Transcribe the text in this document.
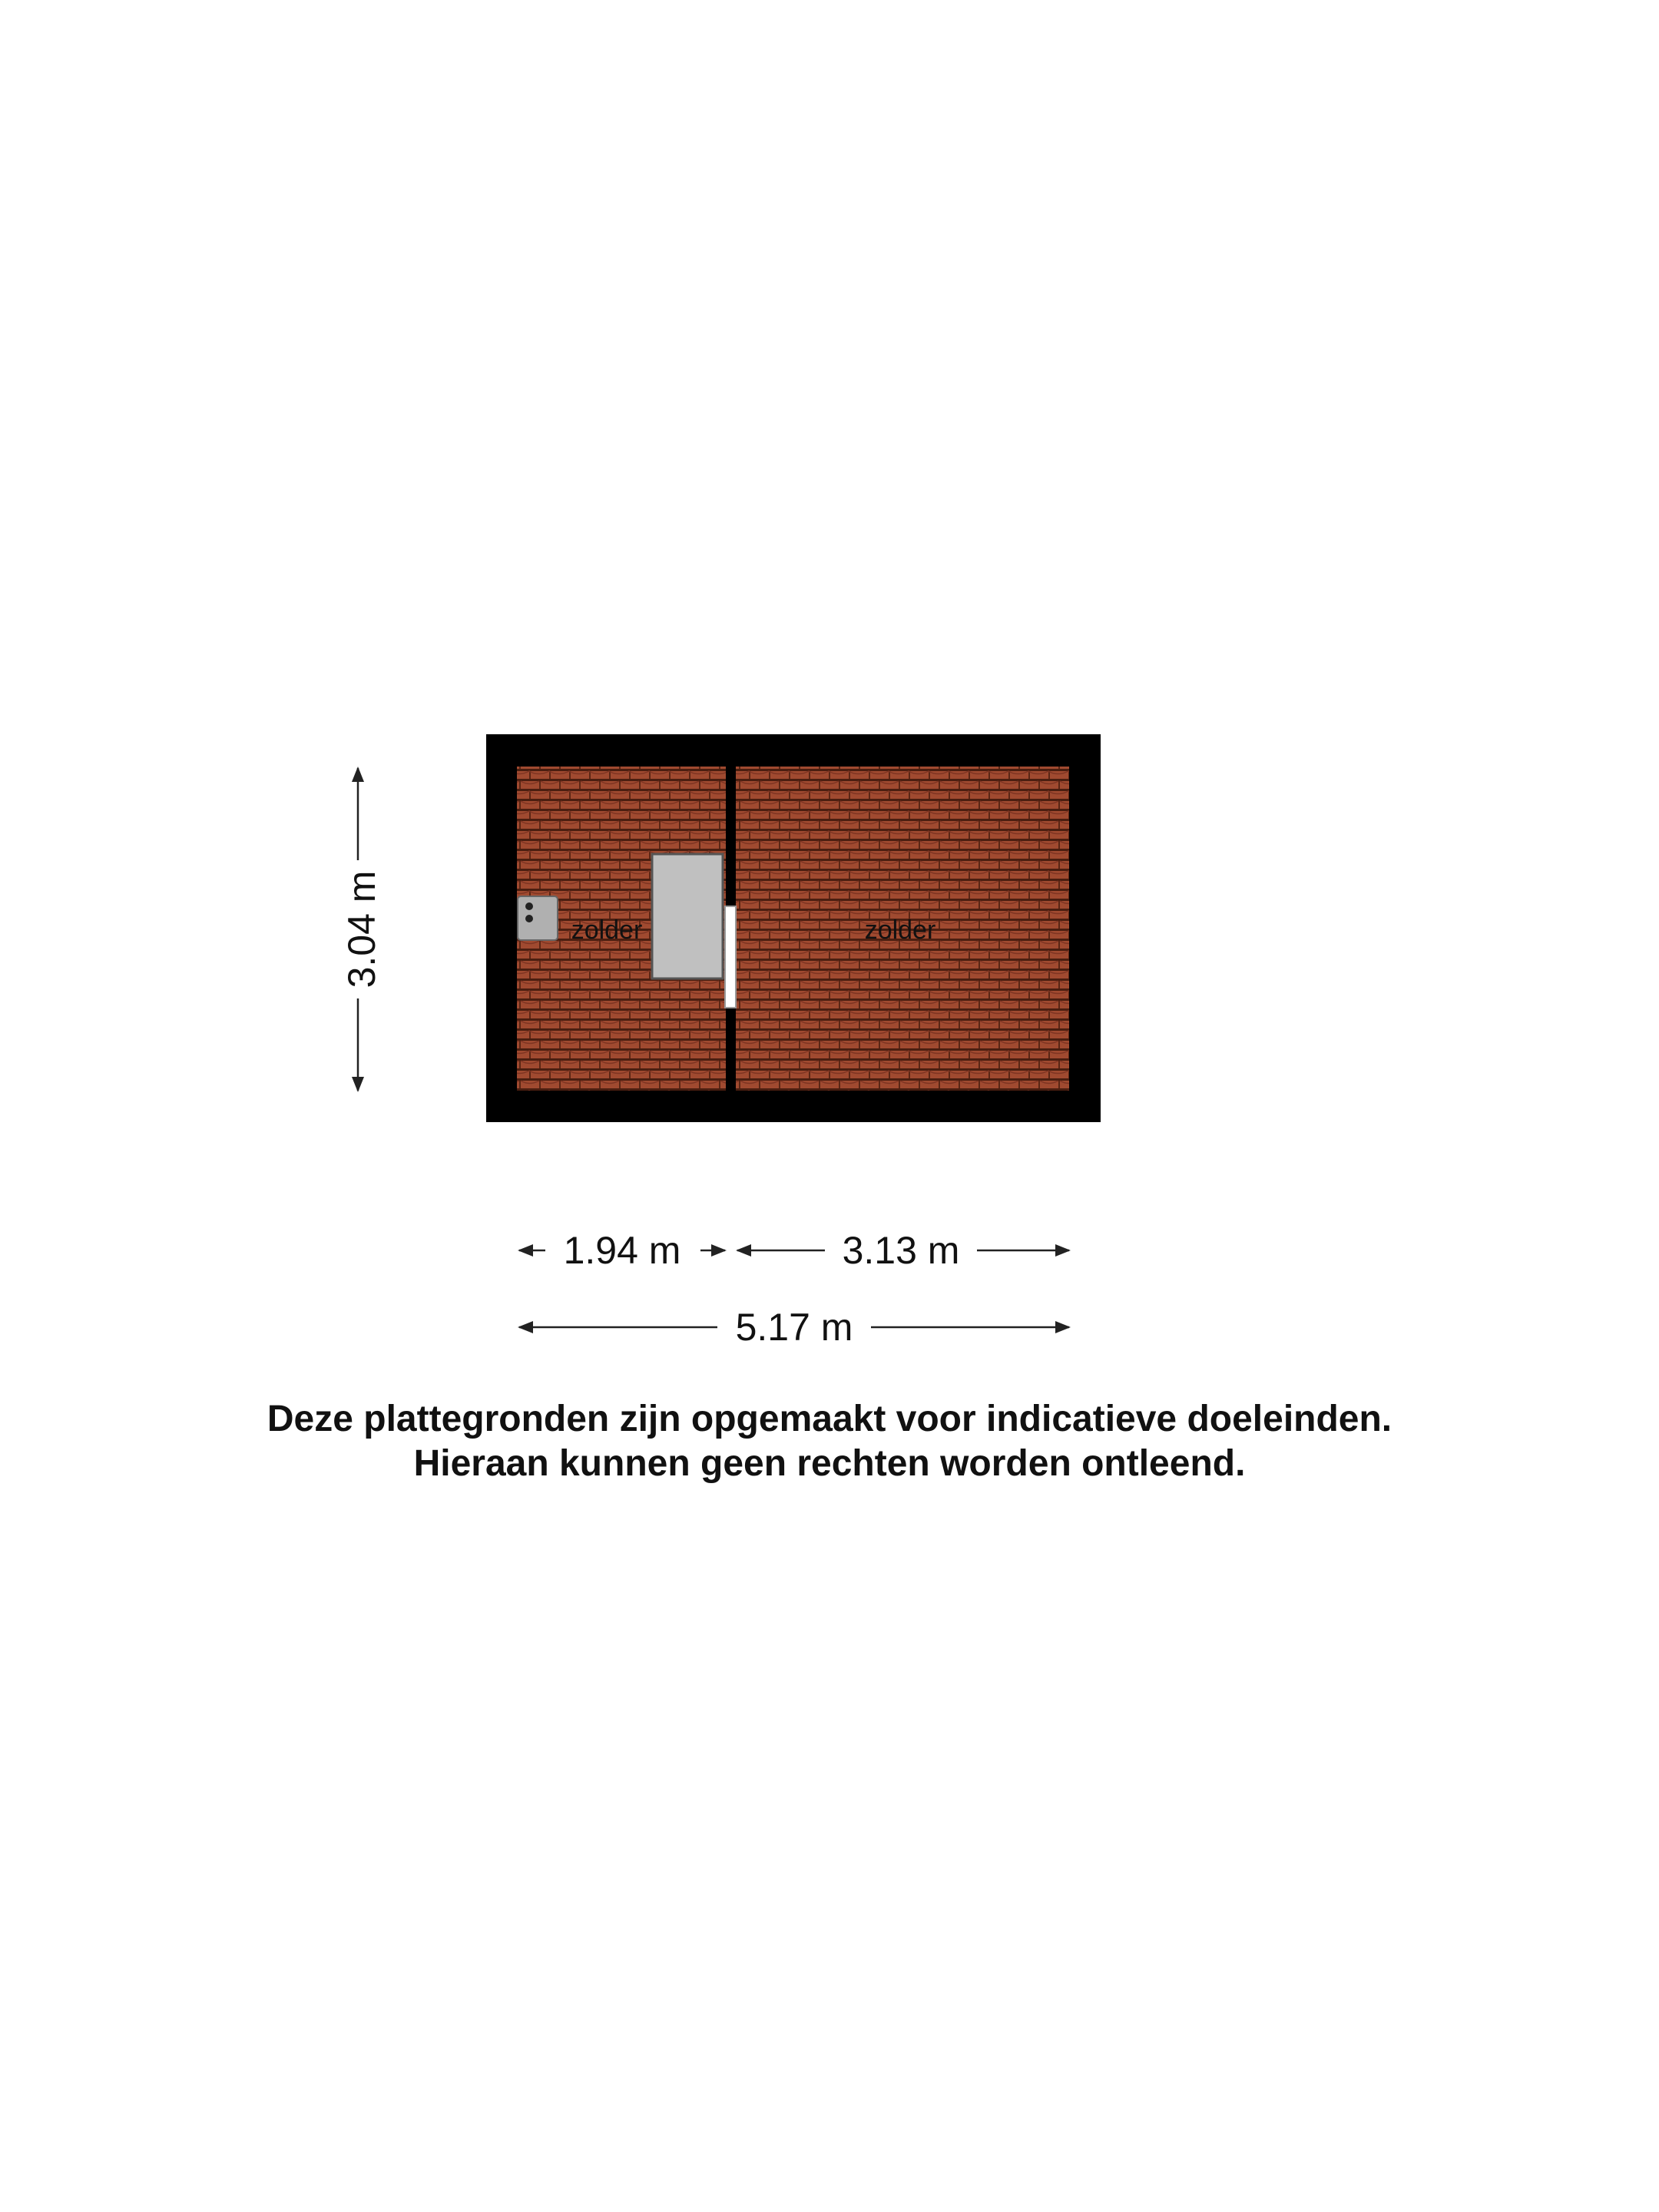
zolder	zolder
3.04 m
1.94 m	3.13 m
5.17 m
Deze plattegronden zijn opgemaakt voor indicatieve doeleinden.
Hieraan kunnen geen rechten worden ontleend.
